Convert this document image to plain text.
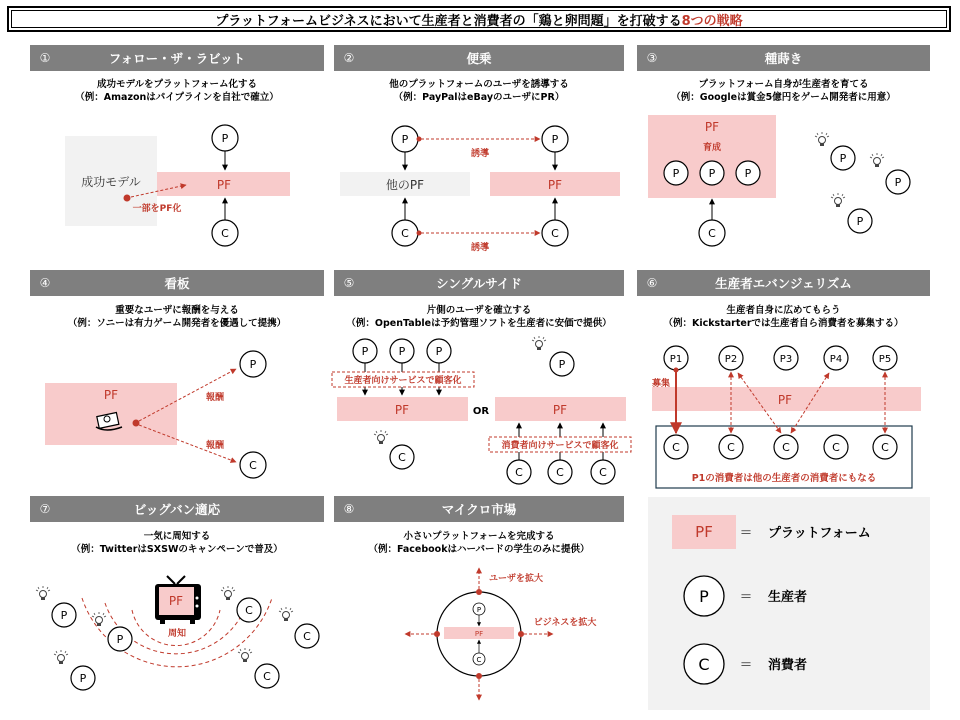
プラットフォームビジネスにおいて生産者と消費者の「鶏と卵問題」を打破する 8つの戦略
①	フォロー・ザ・ラビット	②	便乗	③	種蒔き
④	看板	⑤	シングルサイド	⑥	生産者エバンジェリズム
⑦	ビッグバン適応	⑧	マイクロ市場
成功モデルをプラットフォーム化する
（例：Amazonはパイプラインを自社で確立）
他のプラットフォームのユーザを誘導する
（例：PayPalはeBayのユーザにPR）
プラットフォーム自身が生産者を育てる
（例：Googleは賞金5億円をゲーム開発者に用意）
重要なユーザに報酬を与える
（例：ソニーは有力ゲーム開発者を優遇して提携）
片側のユーザを確立する
（例：OpenTableは予約管理ソフトを生産者に安価で提供）
生産者自身に広めてもらう
（例：Kickstarterでは生産者自ら消費者を募集する）
一気に周知する
（例：TwitterはSXSWのキャンペーンで普及）
小さいプラットフォームを完成する
（例：Facebookはハーバードの学生のみに提供）
成功モデル	PF
P
C
一部をPF化
他のPF	PF
P	P
C	C
誘導
誘導
PF
育成
P	P	P
C
P
P
P
PF	報酬
報酬
P
C
P	P	P
生産者向けサービスで顧客化
PF	OR	PF
P
C
消費者向けサービスで顧客化
C	C	C
PF
P1	P2	P3	P4	P5
募集
C	C	C	C	C
P1の消費者は他の生産者の消費者にもなる
PF
周知
P
P
P
C
C
C
PF
P
C
ユーザを拡大
ビジネスを拡大
PF ＝ プラットフォーム
P ＝ 生産者
C ＝ 消費者
